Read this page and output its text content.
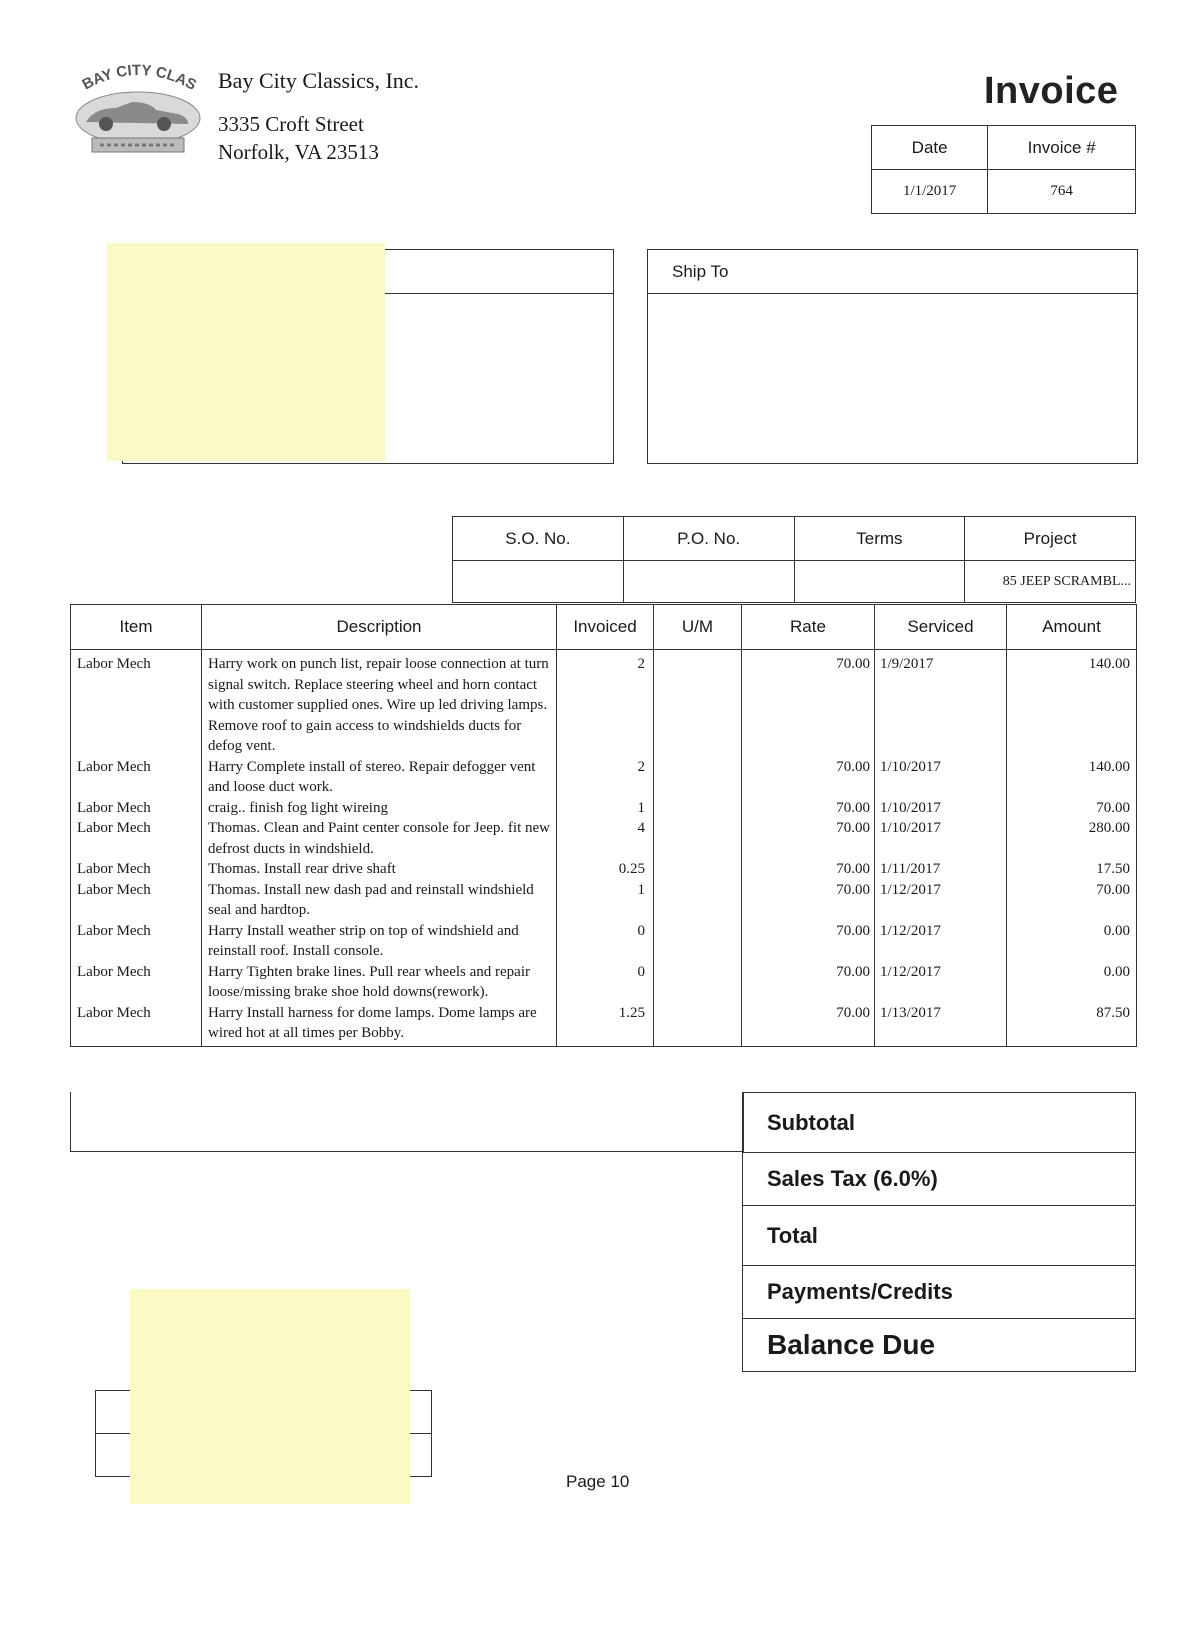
BAY CITY CLAS Bay City Classics, Inc.
3335 Croft Street
Norfolk, VA 23513
Invoice
Date	Invoice #
1/1/2017	764
Ship To
S.O. No.	P.O. No.	Terms	Project
			85 JEEP SCRAMBL...
Item	Description	Invoiced	U/M	Rate	Serviced	Amount
Labor Mech	Harry work on punch list, repair loose connection at turn signal switch. Replace steering wheel and horn contact with customer supplied ones. Wire up led driving lamps. Remove roof to gain access to windshields ducts for defog vent.	2		70.00	1/9/2017	140.00
Labor Mech	Harry Complete install of stereo. Repair defogger vent and loose duct work.	2		70.00	1/10/2017	140.00
Labor Mech	craig.. finish fog light wireing	1		70.00	1/10/2017	70.00
Labor Mech	Thomas. Clean and Paint center console for Jeep. fit new defrost ducts in windshield.	4		70.00	1/10/2017	280.00
Labor Mech	Thomas. Install rear drive shaft	0.25		70.00	1/11/2017	17.50
Labor Mech	Thomas. Install new dash pad and reinstall windshield seal and hardtop.	1		70.00	1/12/2017	70.00
Labor Mech	Harry Install weather strip on top of windshield and reinstall roof. Install console.	0		70.00	1/12/2017	0.00
Labor Mech	Harry Tighten brake lines. Pull rear wheels and repair loose/missing brake shoe hold downs(rework).	0		70.00	1/12/2017	0.00
Labor Mech	Harry Install harness for dome lamps. Dome lamps are wired hot at all times per Bobby.	1.25		70.00	1/13/2017	87.50
Subtotal
Sales Tax (6.0%)
Total
Payments/Credits
Balance Due

Page 10
